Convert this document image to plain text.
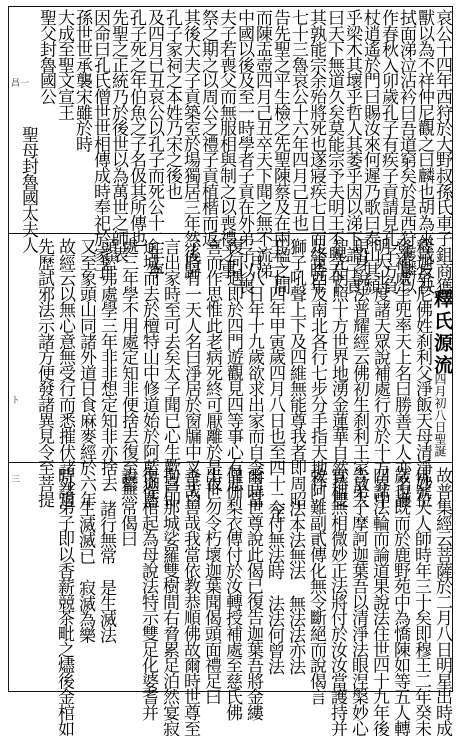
哀公十四年西狩於大野叔孫氏車子鉏商獲
獸以為不祥仲尼觀之曰麟也胡為來哉反袂
拭面涕泣沾衿曰吾道窮矣於是西狩獲麟以
作春秋入卯歲孔子有疾子貢請見孔子方負
杖逍遙於門曰賜汝來何遲乃歌曰泰山其頹
乎梁木其壞乎哲人其萎乎因以涕下謂子貢
曰天下無道久矣莫能宗予夫明王不興天下
其孰能宗余殆將死也遂寢疾七日而終時年
七十三魯哀公十六年四月己丑也
告先聖之平生檢之先聖陳蔡及在兩楹之間
而陳盂壺四月己丑卒天下聞之無不流涕
中國以後及至一時學者子貢在外弟子以喪
夫子若喪父而無服相與制之以喪禮之事
祭之期之以周公之禮子貢植楷而返
其後大夫子貢築室於場獨居三年然後歸
孔子家祠之本姓乃宋之後也
及四月已丑哀公以孔子而死公十二年寧
孔子死之年伯魚之子名伋其所傳也
先聖之正統乃於後世以為萬世之師表
因命曰孔氏僧世世相傳成時奉祀於家子
孫世世承襲宋雖於時
大成至聖文宣王
聖父封魯國公
聖母封魯國太夫人
昌一
釋氏源流
四月初八日聖誕
釋迦牟尼佛姓刹利父淨飯天母清淨妙位
登補處生兜率天上名曰勝善天人亦名護
明大士度諸天眾說補處行亦於十方界中
現身說法普耀經云佛初生刹利王家放大
智光明照十方世界地湧金蓮華自然捧雙
足東西及南北各行七步分手指天地作
獅子吼聲上下及四維無能尊我者即周昭
王二十四年甲寅歲四月八日也至四十二年
二月八日年十九歲欲求出家而自念言當
復何遇即於四門遊觀見四等事心有悲
喜而作思惟此老病死終可厭離於是夜
子時有一天人名曰淨居於窗牖中叉手白
言出家時至可去矣太子聞已心生歡喜即
逾城而去於檀特山中修道始於阿藍迦藍
處三年學不用處定知非便捨去復至鬱
頭藍弗處學三年非非想定知非亦捨去
又至象頭山同諸外道日食麻麥經於六年
故經云以無心意無受行而悉摧伏諸外道
先歷試邪法示諸方便發諸異見令至菩提
ト
故普集經云菩薩於二月八日明星出時成
佛號天人師時年三十矣即穆王二年癸未
歲也既而於鹿野苑中為憍陳如等五人轉
四諦法輪而論道果說法住世四十九年後
告弟子摩訶迦葉吾以清淨法眼涅槃妙心
實相無相微妙正法將付於汝汝當護持并
敕阿難副貳傳化無令斷絕而說偈言
法本法無法　無法法亦法
今付無法時　法法何曾法
爾時世尊說此偈已復告迦葉吾將金縷
僧伽梨衣傳付於汝轉授補處至慈氏佛
出世勿令朽壞迦葉聞偈頭面禮足曰
善哉善哉我當依教恭順佛故爾時世尊至
拘尸那城娑羅雙樹間右脅累足泊然宴寂
復從棺起為母說法特示雙足化婆耆并
說無常偈曰
諸行無常　是生滅法
生滅滅已　寂滅為樂
時諸弟子即以香薪競茶毗之燼後金棺如
三
